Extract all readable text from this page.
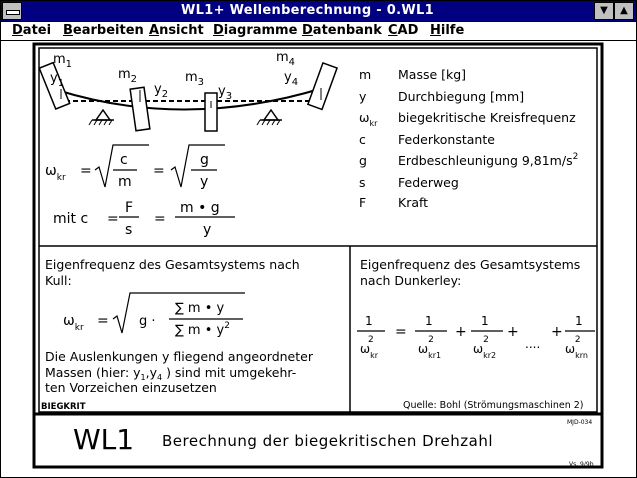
WL1+ Wellenberechnung - 0.WL1	▼	▲
Datei Bearbeiten Ansicht Diagramme Datenbank CAD Hilfe
$m_1$
$y_1$
$m_2$
$y_2$
$m_3$
$y_3$
$m_4$
$y_4$
$\omega_{kr}$ =
c
m
=
g
y
mit c =
F
s
=
m • g
y
m Masse [kg]
y	Durchbiegung [mm]
$\omega_{kr}$ biegekritische Kreisfrequenz
c	Federkonstante
g Erdbeschleunigung $9,81m/s^2$
s	Federweg
F	Kraft
Eigenfrequenz des Gesamtsystems nach
Kull:
$\omega_{kr} = g$ ·
∑ m • y
∑ m • $y^2$
Die Auslenkungen y fliegend angeordneter
Massen (hier: $y_1,y_4$ ) sind mit umgekehr-
ten Vorzeichen einzusetzen
BIEGKRIT
Eigenfrequenz des Gesamtsystems
nach Dunkerley:
1
$\omega_{kr}2$	=
1
$\omega_{kr1}2$	+
1
$\omega_{kr2}2$	+
....
+
1
$\omega_{krn}2$
Quelle: Bohl (Strömungsmaschinen 2)
WL1 Berechnung der biegekritischen Drehzahl
MJD-034
Vs. 9/9b
